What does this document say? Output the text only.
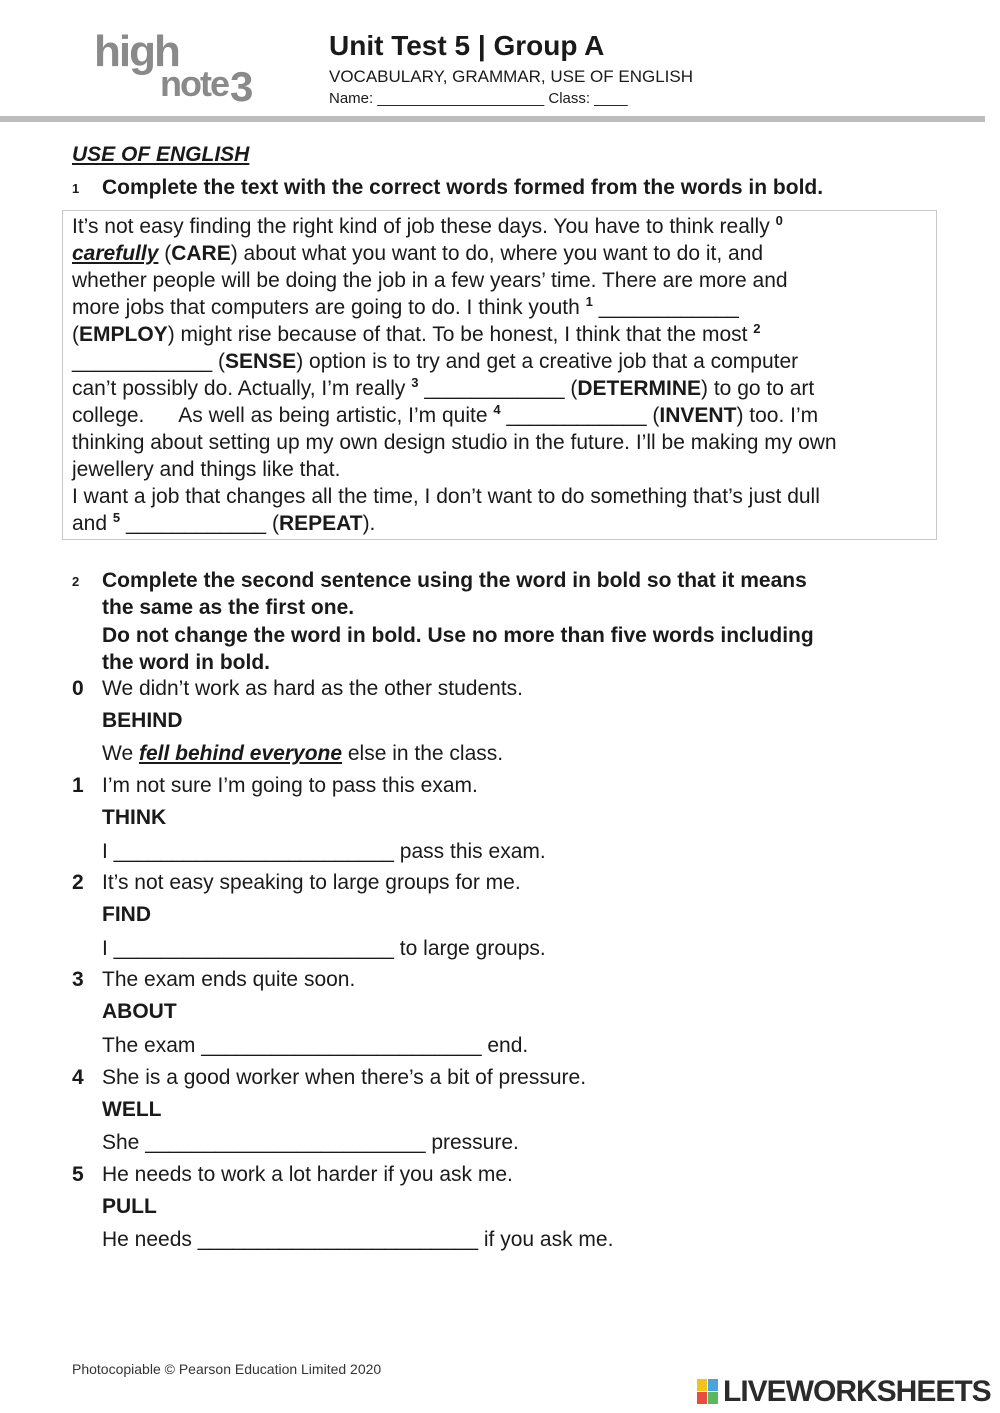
high
note 3
Unit Test 5 | Group A
VOCABULARY, GRAMMAR, USE OF ENGLISH
Name: ____________________ Class: ____
USE OF ENGLISH
1 Complete the text with the correct words formed from the words in bold.
It’s not easy finding the right kind of job these days. You have to think really $^0$
carefully (CARE) about what you want to do, where you want to do it, and
whether people will be doing the job in a few years’ time. There are more and
more jobs that computers are going to do. I think youth $^1$ ____________
(EMPLOY) might rise because of that. To be honest, I think that the most $^2$
____________ (SENSE) option is to try and get a creative job that a computer
can’t possibly do. Actually, I’m really $^3$ ____________ (DETERMINE) to go to art
college.      As well as being artistic, I’m quite $^4$ ____________ (INVENT) too. I’m
thinking about setting up my own design studio in the future. I’ll be making my own
jewellery and things like that.
I want a job that changes all the time, I don’t want to do something that’s just dull
and $^5$ ____________ (REPEAT).
2 Complete the second sentence using the word in bold so that it means
the same as the first one.
Do not change the word in bold. Use no more than five words including
the word in bold.
0 We didn’t work as hard as the other students.
BEHIND
We fell behind everyone else in the class.
1 I’m not sure I’m going to pass this exam.
THINK
I ________________________ pass this exam.
2 It’s not easy speaking to large groups for me.
FIND
I ________________________ to large groups.
3 The exam ends quite soon.
ABOUT
The exam ________________________ end.
4 She is a good worker when there’s a bit of pressure.
WELL
She ________________________ pressure.
5 He needs to work a lot harder if you ask me.
PULL
He needs ________________________ if you ask me.
Photocopiable © Pearson Education Limited 2020
LIVEWORKSHEETS
